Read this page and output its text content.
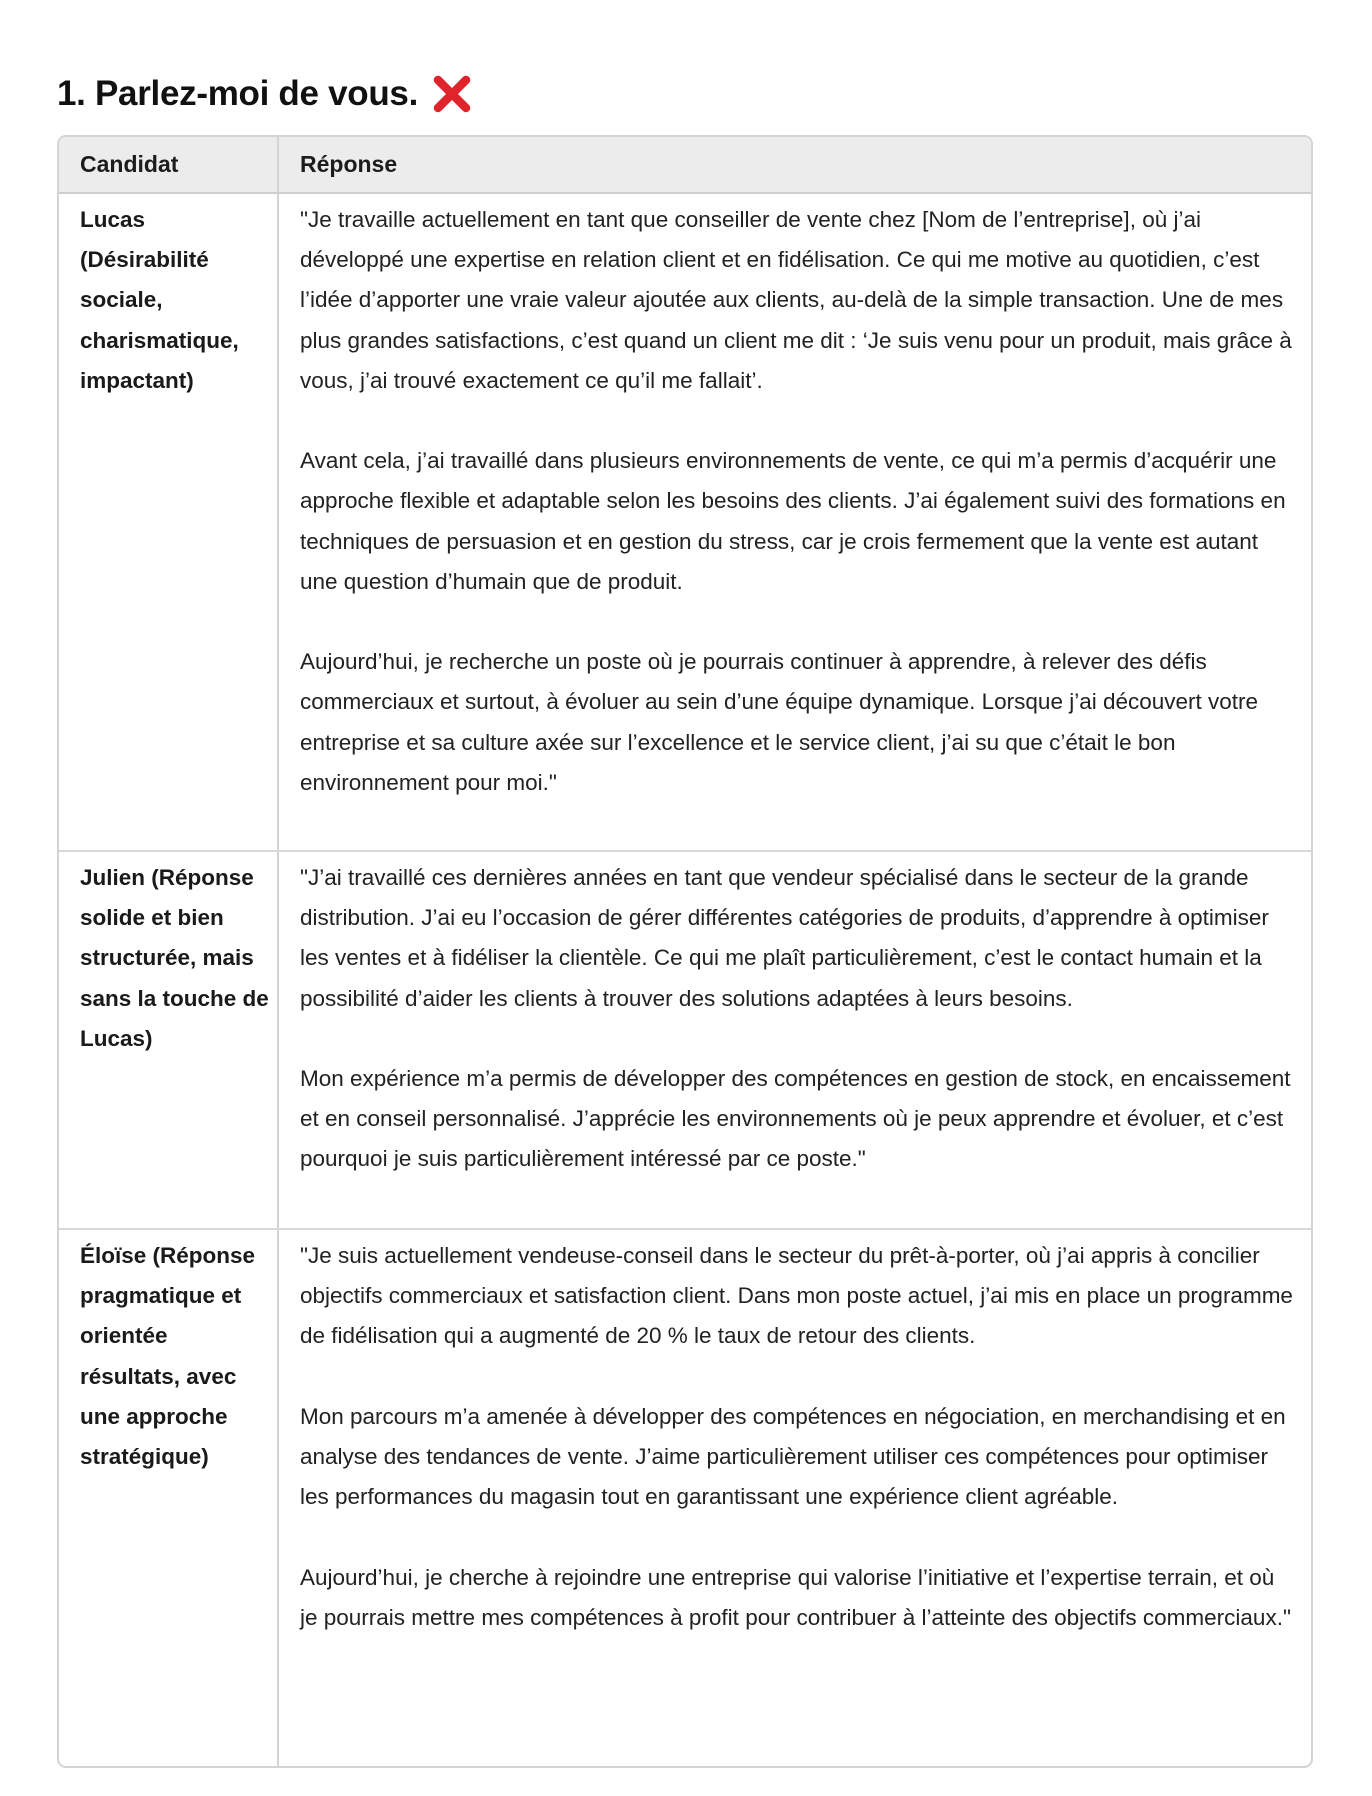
1. Parlez-moi de vous.
Candidat	Réponse
Lucas (Désirabilité sociale, charismatique, impactant)	"Je travaille actuellement en tant que conseiller de vente chez [Nom de l’entreprise], où j’ai développé une expertise en relation client et en fidélisation. Ce qui me motive au quotidien, c’est l’idée d’apporter une vraie valeur ajoutée aux clients, au-delà de la simple transaction. Une de mes plus grandes satisfactions, c’est quand un client me dit : ‘Je suis venu pour un produit, mais grâce à vous, j’ai trouvé exactement ce qu’il me fallait’.

Avant cela, j’ai travaillé dans plusieurs environnements de vente, ce qui m’a permis d’acquérir une approche flexible et adaptable selon les besoins des clients. J’ai également suivi des formations en techniques de persuasion et en gestion du stress, car je crois fermement que la vente est autant une question d’humain que de produit.

Aujourd’hui, je recherche un poste où je pourrais continuer à apprendre, à relever des défis commerciaux et surtout, à évoluer au sein d’une équipe dynamique. Lorsque j’ai découvert votre entreprise et sa culture axée sur l’excellence et le service client, j’ai su que c’était le bon environnement pour moi."

Julien (Réponse solide et bien structurée, mais sans la touche de Lucas)	"J’ai travaillé ces dernières années en tant que vendeur spécialisé dans le secteur de la grande distribution. J’ai eu l’occasion de gérer différentes catégories de produits, d’apprendre à optimiser les ventes et à fidéliser la clientèle. Ce qui me plaît particulièrement, c’est le contact humain et la possibilité d’aider les clients à trouver des solutions adaptées à leurs besoins.

Mon expérience m’a permis de développer des compétences en gestion de stock, en encaissement et en conseil personnalisé. J’apprécie les environnements où je peux apprendre et évoluer, et c’est pourquoi je suis particulièrement intéressé par ce poste."

Éloïse (Réponse pragmatique et orientée résultats, avec une approche stratégique)	"Je suis actuellement vendeuse-conseil dans le secteur du prêt-à-porter, où j’ai appris à concilier objectifs commerciaux et satisfaction client. Dans mon poste actuel, j’ai mis en place un programme de fidélisation qui a augmenté de 20 % le taux de retour des clients.

Mon parcours m’a amenée à développer des compétences en négociation, en merchandising et en analyse des tendances de vente. J’aime particulièrement utiliser ces compétences pour optimiser les performances du magasin tout en garantissant une expérience client agréable.

Aujourd’hui, je cherche à rejoindre une entreprise qui valorise l’initiative et l’expertise terrain, et où je pourrais mettre mes compétences à profit pour contribuer à l’atteinte des objectifs commerciaux."
